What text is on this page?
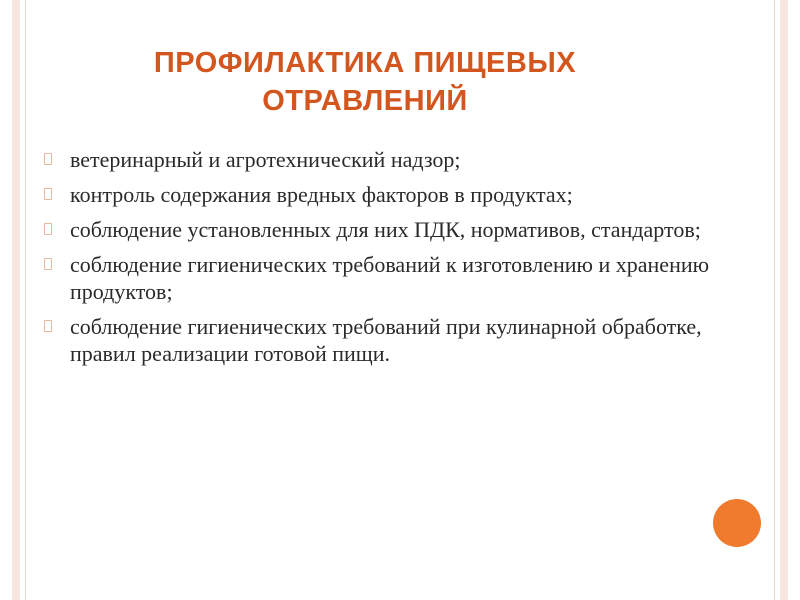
ПРОФИЛАКТИКА ПИЩЕВЫХ
ОТРАВЛЕНИЙ
ветеринарный и агротехнический надзор;
контроль содержания вредных факторов в продуктах;
соблюдение установленных для них ПДК, нормативов, стандартов;
соблюдение гигиенических требований к изготовлению и хранению продуктов;
соблюдение гигиенических требований при кулинарной обработке, правил реализации готовой пищи.
